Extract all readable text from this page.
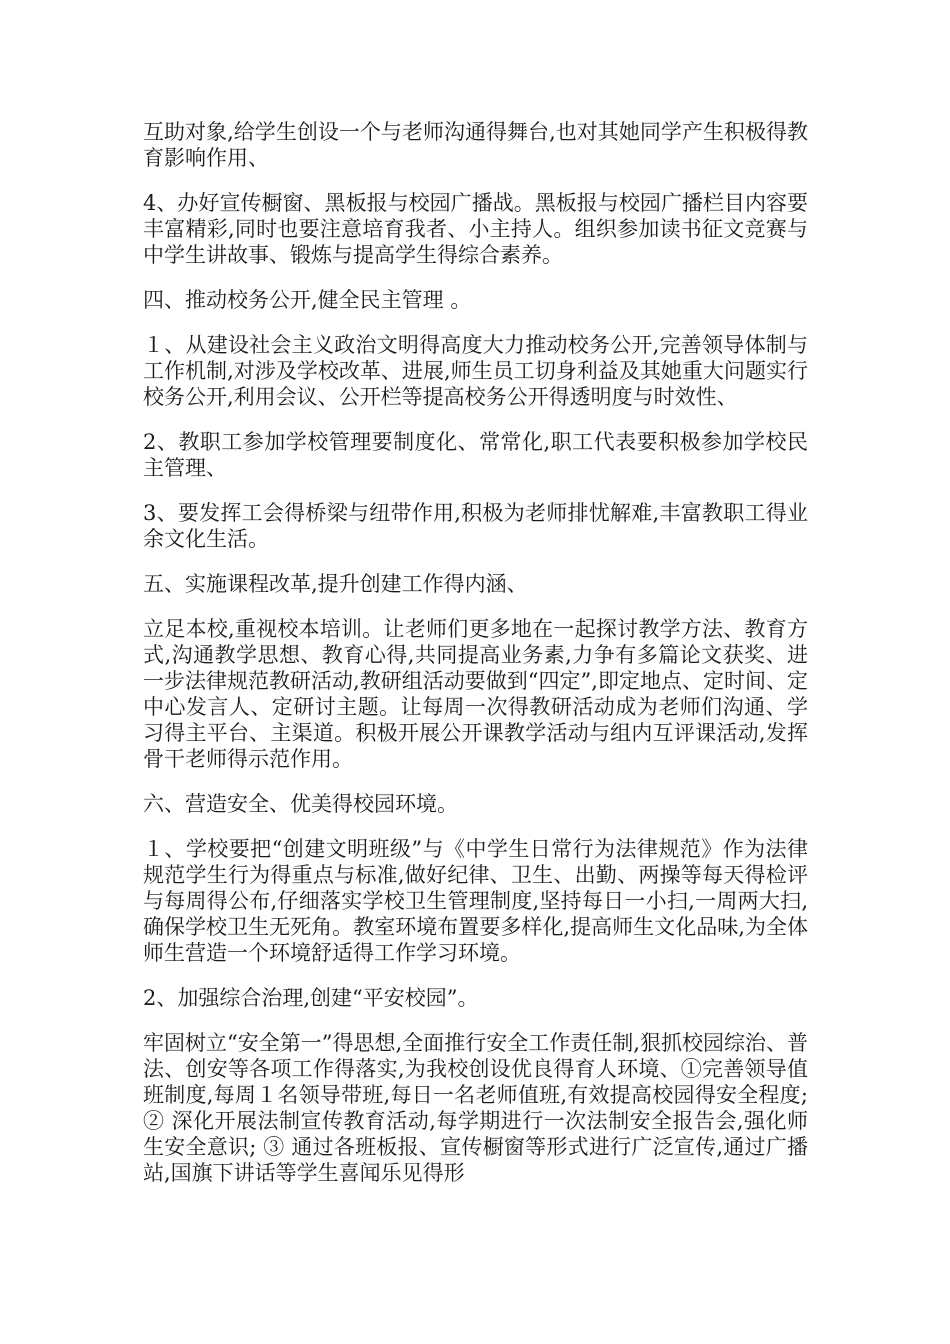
互助对象,给学生创设一个与老师沟通得舞台,也对其她同学产生积极得教育影响作用、

4、办好宣传橱窗、黑板报与校园广播战。黑板报与校园广播栏目内容要丰富精彩,同时也要注意培育我者、小主持人。组织参加读书征文竞赛与中学生讲故事、锻炼与提高学生得综合素养。

四、推动校务公开,健全民主管理 。

１、从建设社会主义政治文明得高度大力推动校务公开,完善领导体制与工作机制,对涉及学校改革、进展,师生员工切身利益及其她重大问题实行校务公开,利用会议、公开栏等提高校务公开得透明度与时效性、

2、教职工参加学校管理要制度化、常常化,职工代表要积极参加学校民主管理、

3、要发挥工会得桥梁与纽带作用,积极为老师排忧解难,丰富教职工得业余文化生活。

五、实施课程改革,提升创建工作得内涵、

立足本校,重视校本培训。让老师们更多地在一起探讨教学方法、教育方式,沟通教学思想、教育心得,共同提高业务素,力争有多篇论文获奖、进一步法律规范教研活动,教研组活动要做到“四定”,即定地点、定时间、定中心发言人、定研讨主题。让每周一次得教研活动成为老师们沟通、学习得主平台、主渠道。积极开展公开课教学活动与组内互评课活动,发挥骨干老师得示范作用。

六、营造安全、优美得校园环境。

１、学校要把“创建文明班级”与《中学生日常行为法律规范》作为法律规范学生行为得重点与标准,做好纪律、卫生、出勤、两操等每天得检评与每周得公布,仔细落实学校卫生管理制度,坚持每日一小扫,一周两大扫,确保学校卫生无死角。教室环境布置要多样化,提高师生文化品味,为全体师生营造一个环境舒适得工作学习环境。

2、加强综合治理,创建“平安校园”。

牢固树立“安全第一”得思想,全面推行安全工作责任制,狠抓校园综治、普法、创安等各项工作得落实,为我校创设优良得育人环境、①完善领导值班制度,每周１名领导带班,每日一名老师值班,有效提高校园得安全程度;② 深化开展法制宣传教育活动,每学期进行一次法制安全报告会,强化师生安全意识; ③ 通过各班板报、宣传橱窗等形式进行广泛宣传,通过广播站,国旗下讲话等学生喜闻乐见得形
